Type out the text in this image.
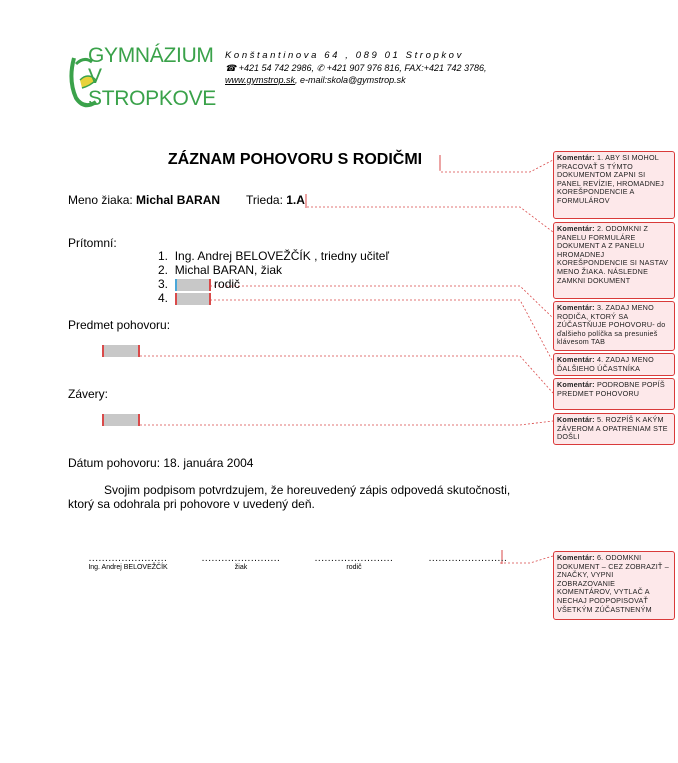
GYMNÁZIUM
V STROPKOVE
Konštantinova 64 , 089 01 Stropkov
☎ +421 54 742 2986, ✆ +421 907 976 816, FAX:+421 742 3786,
www.gymstrop.sk, e-mail:skola@gymstrop.sk
ZÁZNAM POHOVORU S RODIČMI
Meno žiaka: Michal BARAN Trieda: 1.A
Prítomní:
1. Ing. Andrej BELOVEŽČÍK , triedny učiteľ
2. Michal BARAN, žiak
3.	rodič
4.
Predmet pohovoru:
Závery:
Dátum pohovoru: 18. januára 2004
Svojim podpisom potvrdzujem, že horeuvedený zápis odpovedá skutočnosti,
ktorý sa odohrala pri pohovore v uvedený deň.
........................
Ing. Andrej BELOVEŽČÍK
........................
žiak
........................
rodič
........................
Komentár: 1. ABY SI MOHOL PRACOVAŤ S TÝMTO DOKUMENTOM ZAPNI SI PANEL REVÍZIE, HROMADNEJ KOREŠPONDENCIE A FORMULÁROV
Komentár: 2. ODOMKNI Z PANELU FORMULÁRE DOKUMENT A Z PANELU HROMADNEJ KOREŠPONDENCIE SI NASTAV MENO ŽIAKA. NÁSLEDNE ZAMKNI DOKUMENT
Komentár: 3. ZADAJ MENO RODIČA, KTORÝ SA ZÚČASTŇUJE POHOVORU- do ďalšieho políčka sa presunieš klávesom TAB
Komentár: 4. ZADAJ MENO ĎALŠIEHO ÚČASTNÍKA
Komentár: PODROBNE POPÍŠ PREDMET POHOVORU
Komentár: 5. ROZPÍŠ K AKÝM ZÁVEROM A OPATRENIAM STE DOŠLI
Komentár: 6. ODOMKNI DOKUMENT – CEZ ZOBRAZIŤ – ZNAČKY, VYPNI ZOBRAZOVANIE KOMENTÁROV, VYTLAČ A NECHAJ PODPOPISOVAŤ VŠETKÝM ZÚČASTNENÝM
